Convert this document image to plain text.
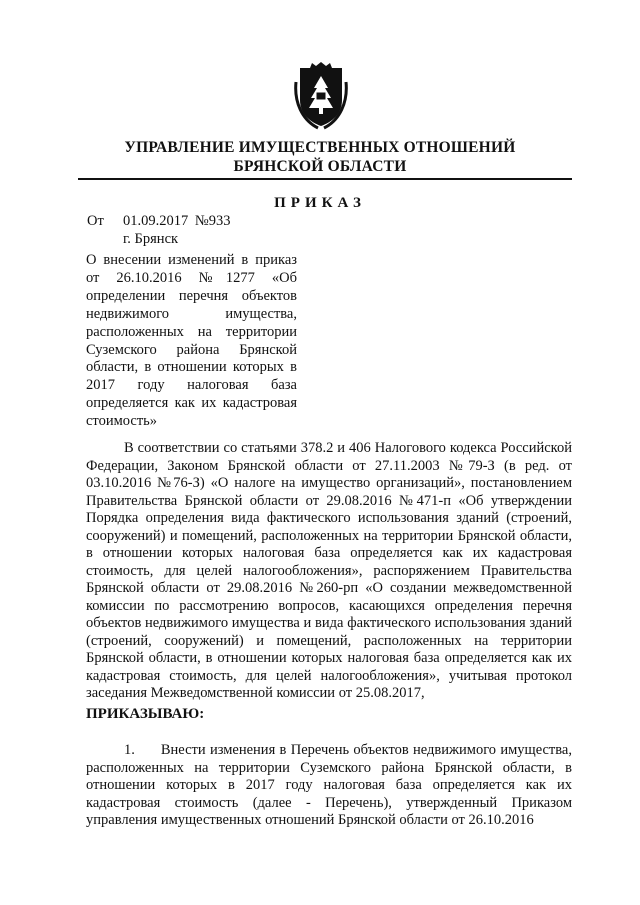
УПРАВЛЕНИЕ ИМУЩЕСТВЕННЫХ ОТНОШЕНИЙ
БРЯНСКОЙ ОБЛАСТИ
ПРИКАЗ
От 01.09.2017 №933
г. Брянск
О внесении изменений в приказ от 26.10.2016 №1277 «Об определении перечня объектов недвижимого имущества, расположенных на территории Суземского района Брянской области, в отношении которых в 2017 году налоговая база определяется как их кадастровая стоимость»
В соответствии со статьями 378.2 и 406 Налогового кодекса Российской Федерации, Законом Брянской области от 27.11.2003 №79-З (в ред. от 03.10.2016 №76-З) «О налоге на имущество организаций», постановлением Правительства Брянской области от 29.08.2016 №471-п «Об утверждении Порядка определения вида фактического использования зданий (строений, сооружений) и помещений, расположенных на территории Брянской области, в отношении которых налоговая база определяется как их кадастровая стоимость, для целей налогообложения», распоряжением Правительства Брянской области от 29.08.2016 №260-рп «О создании межведомственной комиссии по рассмотрению вопросов, касающихся определения перечня объектов недвижимого имущества и вида фактического использования зданий (строений, сооружений) и помещений, расположенных на территории Брянской области, в отношении которых налоговая база определяется как их кадастровая стоимость, для целей налогообложения», учитывая протокол заседания Межведомственной комиссии от 25.08.2017,
ПРИКАЗЫВАЮ:
1. Внести изменения в Перечень объектов недвижимого имущества, расположенных на территории Суземского района Брянской области, в отношении которых в 2017 году налоговая база определяется как их кадастровая стоимость (далее - Перечень), утвержденный Приказом управления имущественных отношений Брянской области от 26.10.2016
